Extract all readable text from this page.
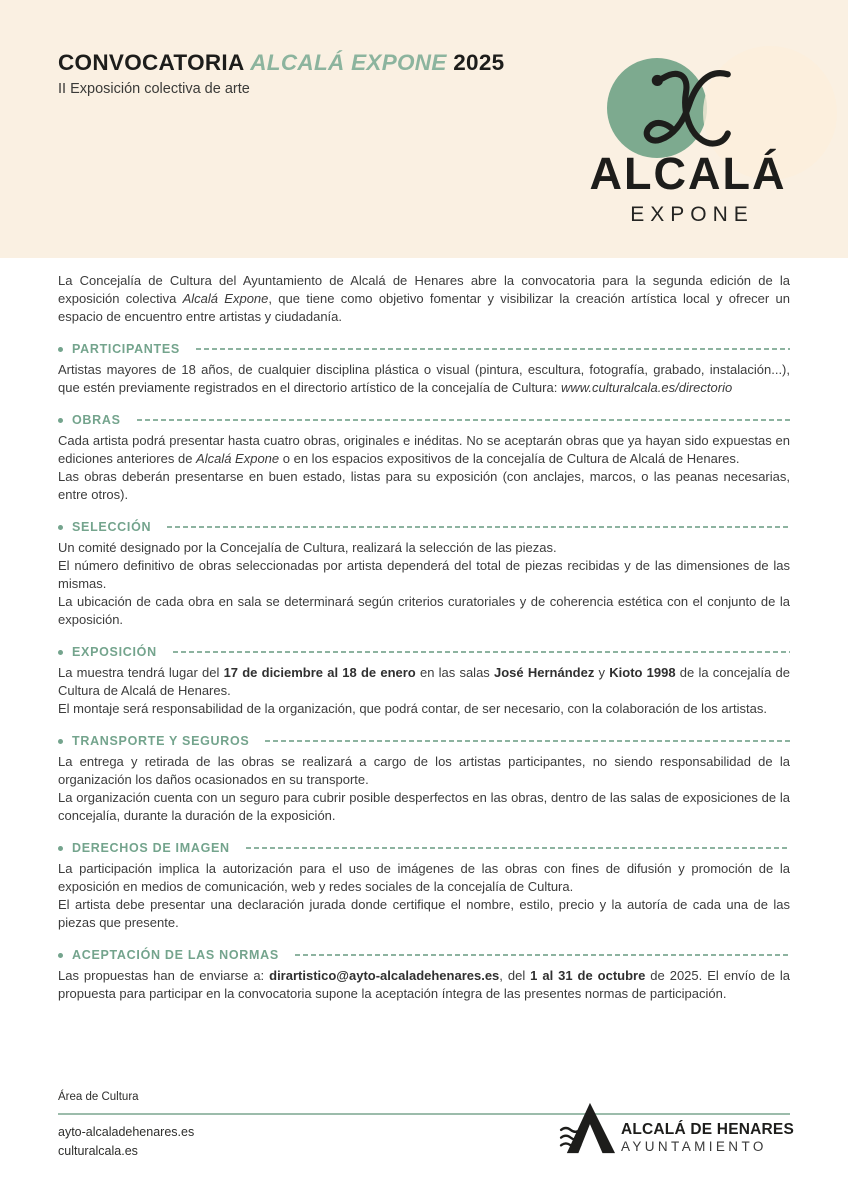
CONVOCATORIA ALCALÁ EXPONE 2025
II Exposición colectiva de arte
ALCALÁ
EXPONE

La Concejalía de Cultura del Ayuntamiento de Alcalá de Henares abre la convocatoria para la segunda edición de la exposición colectiva Alcalá Expone, que tiene como objetivo fomentar y visibilizar la creación artística local y ofrecer un espacio de encuentro entre artistas y ciudadanía.

PARTICIPANTES

Artistas mayores de 18 años, de cualquier disciplina plástica o visual (pintura, escultura, fotografía, grabado, instalación...), que estén previamente registrados en el directorio artístico de la concejalía de Cultura: www.culturalcala.es/directorio

OBRAS

Cada artista podrá presentar hasta cuatro obras, originales e inéditas. No se aceptarán obras que ya hayan sido expuestas en ediciones anteriores de Alcalá Expone o en los espacios expositivos de la concejalía de Cultura de Alcalá de Henares.

Las obras deberán presentarse en buen estado, listas para su exposición (con anclajes, marcos, o las peanas necesarias, entre otros).

SELECCIÓN

Un comité designado por la Concejalía de Cultura, realizará la selección de las piezas.

El número definitivo de obras seleccionadas por artista dependerá del total de piezas recibidas y de las dimensiones de las mismas.

La ubicación de cada obra en sala se determinará según criterios curatoriales y de coherencia estética con el conjunto de la exposición.

EXPOSICIÓN

La muestra tendrá lugar del 17 de diciembre al 18 de enero en las salas José Hernández y Kioto 1998 de la concejalía de Cultura de Alcalá de Henares.

El montaje será responsabilidad de la organización, que podrá contar, de ser necesario, con la colaboración de los artistas.

TRANSPORTE Y SEGUROS

La entrega y retirada de las obras se realizará a cargo de los artistas participantes, no siendo responsabilidad de la organización los daños ocasionados en su transporte.

La organización cuenta con un seguro para cubrir posible desperfectos en las obras, dentro de las salas de exposiciones de la concejalía, durante la duración de la exposición.

DERECHOS DE IMAGEN

La participación implica la autorización para el uso de imágenes de las obras con fines de difusión y promoción de la exposición en medios de comunicación, web y redes sociales de la concejalía de Cultura.

El artista debe presentar una declaración jurada donde certifique el nombre, estilo, precio y la autoría de cada una de las piezas que presente.

ACEPTACIÓN DE LAS NORMAS

Las propuestas han de enviarse a: dirartistico@ayto-alcaladehenares.es, del 1 al 31 de octubre de 2025. El envío de la propuesta para participar en la convocatoria supone la aceptación íntegra de las presentes normas de participación.

Área de Cultura
ayto-alcaladehenares.es
culturalcala.es
ALCALÁ DE HENARES
AYUNTAMIENTO
